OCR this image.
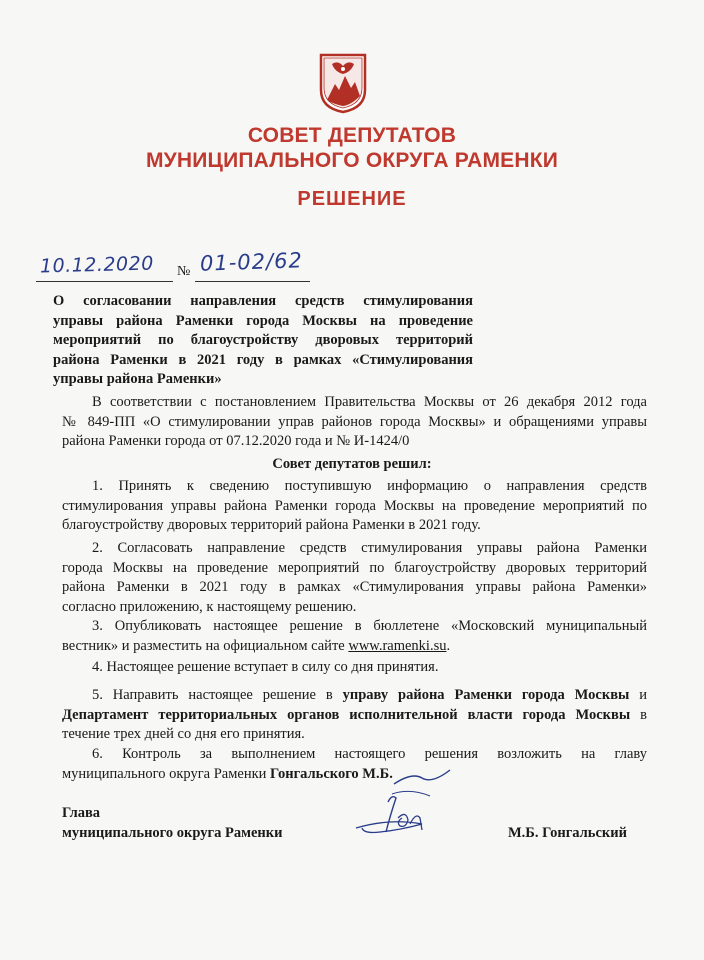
СОВЕТ ДЕПУТАТОВ
МУНИЦИПАЛЬНОГО ОКРУГА РАМЕНКИ
РЕШЕНИЕ
10.12.2020 № 01-02/62
О согласовании направления средств стимулирования
управы района Раменки города Москвы на проведение
мероприятий по благоустройству дворовых территорий
района Раменки в 2021 году в рамках «Стимулирования
управы района Раменки»
В соответствии с постановлением Правительства Москвы от 26 декабря 2012 года
№ 849-ПП «О стимулировании управ районов города Москвы» и обращениями управы
района Раменки города от 07.12.2020 года и № И-1424/0
Совет депутатов решил:
1. Принять к сведению поступившую информацию о направления средств
стимулирования управы района Раменки города Москвы на проведение мероприятий по
благоустройству дворовых территорий района Раменки в 2021 году.
2. Согласовать направление средств стимулирования управы района Раменки
города Москвы на проведение мероприятий по благоустройству дворовых территорий
района Раменки в 2021 году в рамках «Стимулирования управы района Раменки»
согласно приложению, к настоящему решению.
3. Опубликовать настоящее решение в бюллетене «Московский муниципальный
вестник» и разместить на официальном сайте www.ramenki.su.
4. Настоящее решение вступает в силу со дня принятия.
5. Направить настоящее решение в управу района Раменки города Москвы и
Департамент территориальных органов исполнительной власти города Москвы в
течение трех дней со дня его принятия.
6. Контроль за выполнением настоящего решения возложить на главу
муниципального округа Раменки Гонгальского М.Б.
Глава
муниципального округа Раменки	М.Б. Гонгальский
